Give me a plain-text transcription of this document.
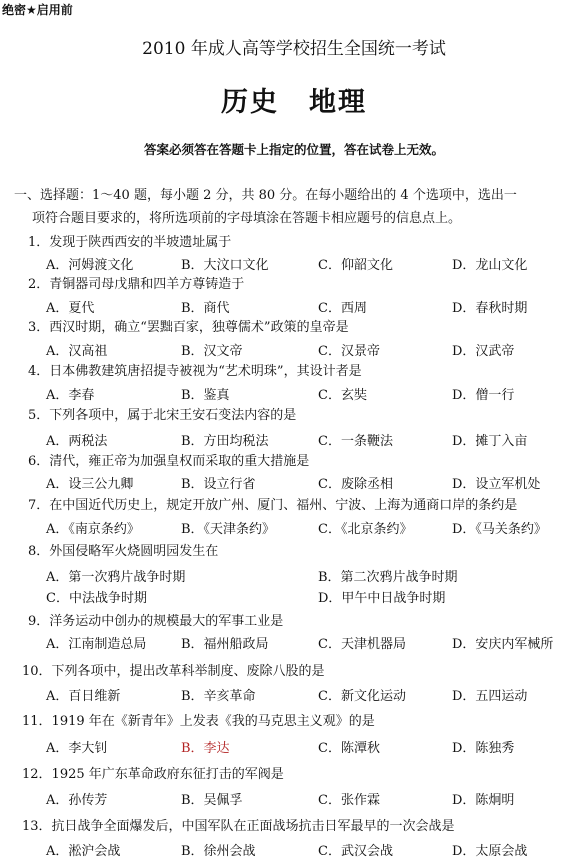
绝密★启用前
2010 年成人高等学校招生全国统一考试
历史 地理
答案必须答在答题卡上指定的位置，答在试卷上无效。
一、选择题：1～40 题，每小题 2 分，共 80 分。在每小题给出的 4 个选项中，选出一
项符合题目要求的，将所选项前的字母填涂在答题卡相应题号的信息点上。
1．发现于陕西西安的半坡遗址属于
A．河姆渡文化	B．大汶口文化	C．仰韶文化	D．龙山文化
2．青铜器司母戊鼎和四羊方尊铸造于
A．夏代	B．商代	C．西周	D．春秋时期
3．西汉时期，确立“罢黜百家，独尊儒术”政策的皇帝是
A．汉高祖	B．汉文帝	C．汉景帝	D．汉武帝
4．日本佛教建筑唐招提寺被视为“艺术明珠”，其设计者是
A．李春	B．鉴真	C．玄奘	D．僧一行
5．下列各项中，属于北宋王安石变法内容的是
A．两税法	B．方田均税法	C．一条鞭法	D．摊丁入亩
6．清代，雍正帝为加强皇权而采取的重大措施是
A．设三公九卿	B．设立行省	C．废除丞相	D．设立军机处
7．在中国近代历史上，规定开放广州、厦门、福州、宁波、上海为通商口岸的条约是
A．《南京条约》	B．《天津条约》	C．《北京条约》	D．《马关条约》
8．外国侵略军火烧圆明园发生在
A．第一次鸦片战争时期	B．第二次鸦片战争时期
C．中法战争时期	D．甲午中日战争时期
9．洋务运动中创办的规模最大的军事工业是
A．江南制造总局	B．福州船政局	C．天津机器局	D．安庆内军械所
10．下列各项中，提出改革科举制度、废除八股的是
A．百日维新	B．辛亥革命	C．新文化运动	D．五四运动
11．1919 年在《新青年》上发表《我的马克思主义观》的是
A．李大钊	B．李达	C．陈潭秋	D．陈独秀
12．1925 年广东革命政府东征打击的军阀是
A．孙传芳	B．吴佩孚	C．张作霖	D．陈炯明
13．抗日战争全面爆发后，中国军队在正面战场抗击日军最早的一次会战是
A．淞沪会战	B．徐州会战	C．武汉会战	D．太原会战
